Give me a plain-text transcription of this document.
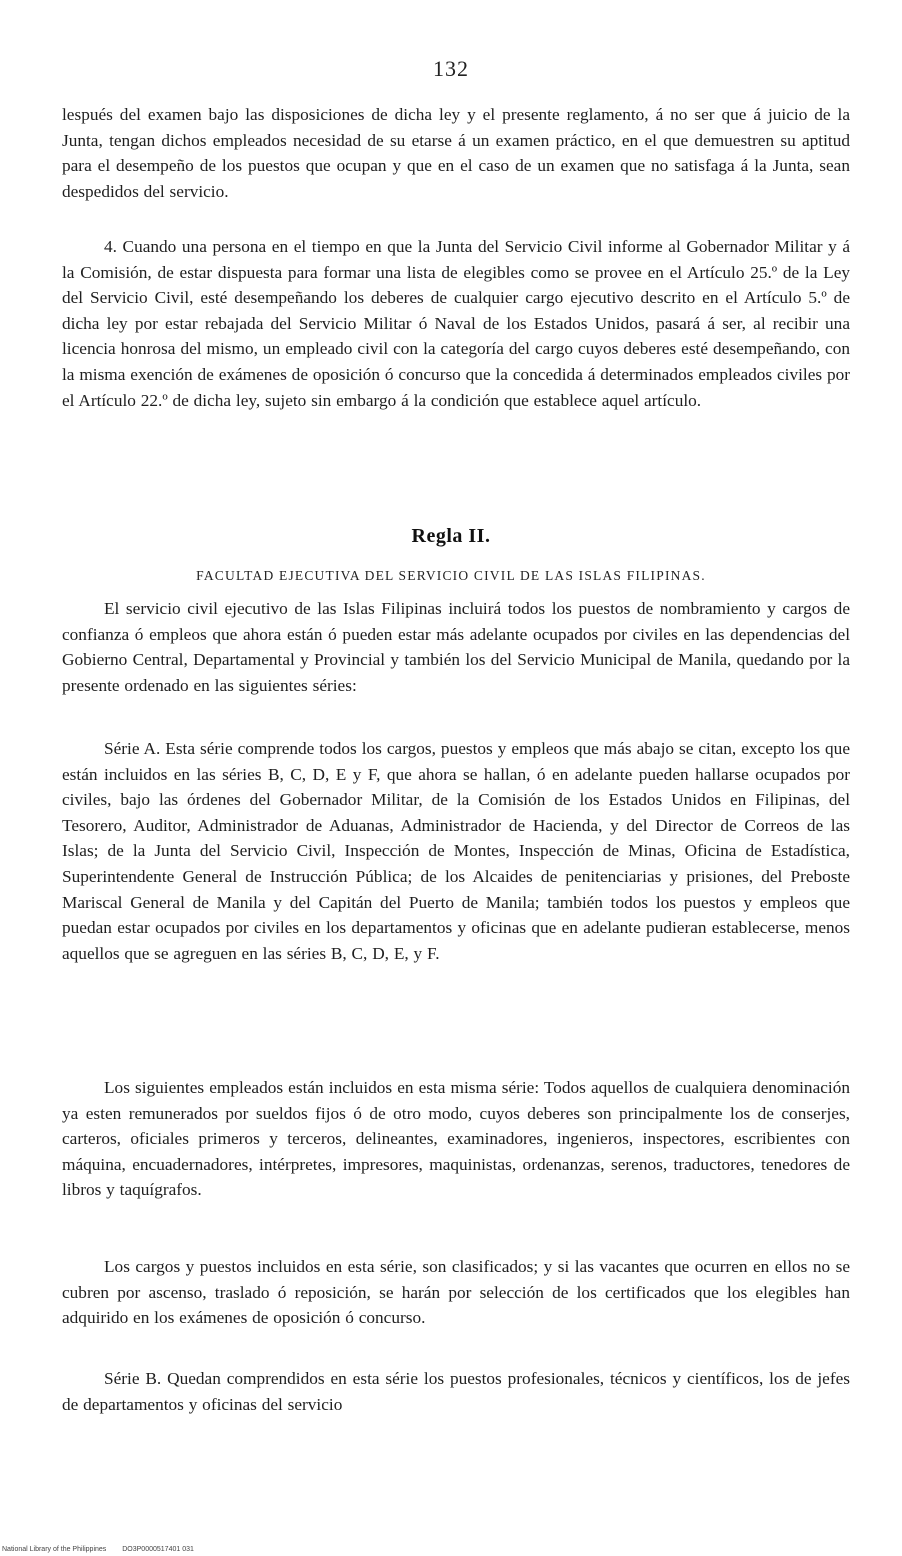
132

lespués del examen bajo las disposiciones de dicha ley y el presente reglamento, á no ser que á juicio de la Junta, tengan dichos empleados necesidad de su etarse á un examen práctico, en el que demuestren su aptitud para el desempeño de los puestos que ocupan y que en el caso de un examen que no satisfaga á la Junta, sean despedidos del servicio.

4. Cuando una persona en el tiempo en que la Junta del Servicio Civil informe al Gobernador Militar y á la Comisión, de estar dispuesta para formar una lista de elegibles como se provee en el Artículo 25.º de la Ley del Servicio Civil, esté desempeñando los deberes de cualquier cargo ejecutivo descrito en el Artículo 5.º de dicha ley por estar rebajada del Servicio Militar ó Naval de los Estados Unidos, pasará á ser, al recibir una licencia honrosa del mismo, un empleado civil con la categoría del cargo cuyos deberes esté desempeñando, con la misma exención de exámenes de oposición ó concurso que la concedida á determinados empleados civiles por el Artículo 22.º de dicha ley, sujeto sin embargo á la condición que establece aquel artículo.

Regla II.
FACULTAD EJECUTIVA DEL SERVICIO CIVIL DE LAS ISLAS FILIPINAS.

El servicio civil ejecutivo de las Islas Filipinas incluirá todos los puestos de nombramiento y cargos de confianza ó empleos que ahora están ó pueden estar más adelante ocupados por civiles en las dependencias del Gobierno Central, Departamental y Provincial y también los del Servicio Municipal de Manila, quedando por la presente ordenado en las siguientes séries:

Série A. Esta série comprende todos los cargos, puestos y empleos que más abajo se citan, excepto los que están incluidos en las séries B, C, D, E y F, que ahora se hallan, ó en adelante pueden hallarse ocupados por civiles, bajo las órdenes del Gobernador Militar, de la Comisión de los Estados Unidos en Filipinas, del Tesorero, Auditor, Administrador de Aduanas, Administrador de Hacienda, y del Director de Correos de las Islas; de la Junta del Servicio Civil, Inspección de Montes, Inspección de Minas, Oficina de Estadística, Superintendente General de Instrucción Pública; de los Alcaides de penitenciarias y prisiones, del Preboste Mariscal General de Manila y del Capitán del Puerto de Manila; también todos los puestos y empleos que puedan estar ocupados por civiles en los departamentos y oficinas que en adelante pudieran establecerse, menos aquellos que se agreguen en las séries B, C, D, E, y F.

Los siguientes empleados están incluidos en esta misma série: Todos aquellos de cualquiera denominación ya esten remunerados por sueldos fijos ó de otro modo, cuyos deberes son principalmente los de conserjes, carteros, oficiales primeros y terceros, delineantes, examinadores, ingenieros, inspectores, escribientes con máquina, encuadernadores, intérpretes, impresores, maquinistas, ordenanzas, serenos, traductores, tenedores de libros y taquígrafos.

Los cargos y puestos incluidos en esta série, son clasificados; y si las vacantes que ocurren en ellos no se cubren por ascenso, traslado ó reposición, se harán por selección de los certificados que los elegibles han adquirido en los exámenes de oposición ó concurso.

Série B. Quedan comprendidos en esta série los puestos profesionales, técnicos y científicos, los de jefes de departamentos y oficinas del servicio

National Library of the Philippines DO3P0000517401 031
